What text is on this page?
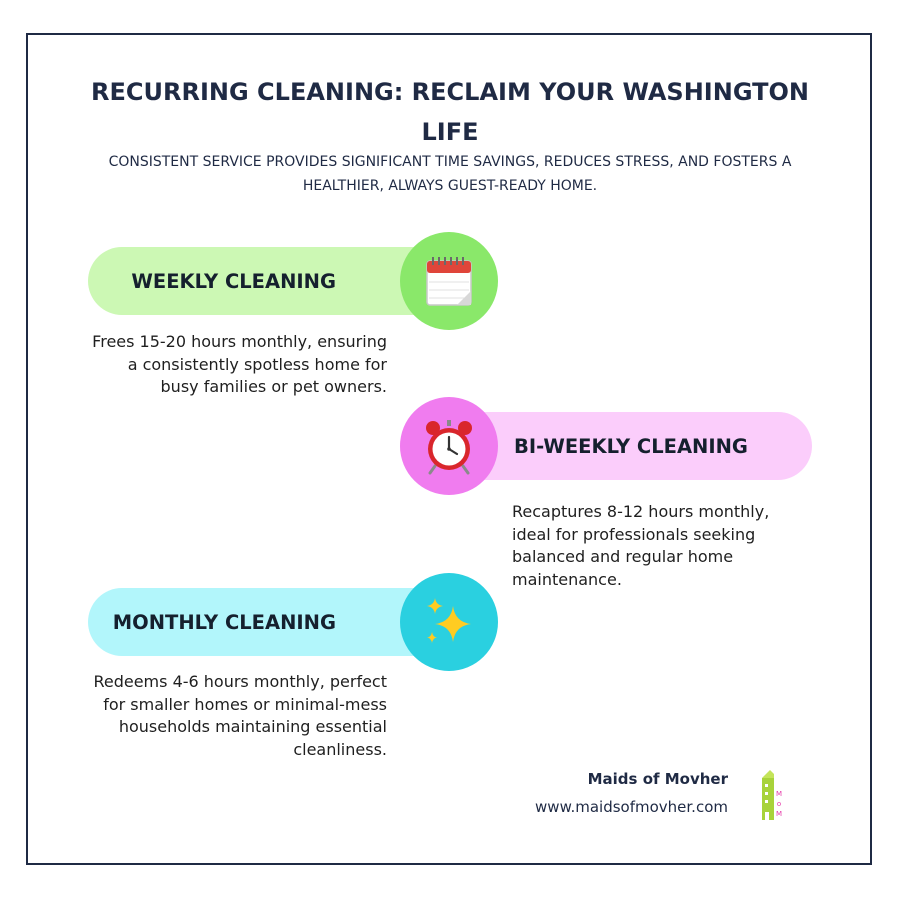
RECURRING CLEANING: RECLAIM YOUR WASHINGTON LIFE

CONSISTENT SERVICE PROVIDES SIGNIFICANT TIME SAVINGS, REDUCES STRESS, AND FOSTERS A HEALTHIER, ALWAYS GUEST-READY HOME.

WEEKLY CLEANING

Frees 15-20 hours monthly, ensuring a consistently spotless home for busy families or pet owners.

BI-WEEKLY CLEANING

Recaptures 8-12 hours monthly, ideal for professionals seeking balanced and regular home maintenance.

MONTHLY CLEANING

Redeems 4-6 hours monthly, perfect for smaller homes or minimal-mess households maintaining essential cleanliness.

Maids of Movher
www.maidsofmovher.com
M
o
M
